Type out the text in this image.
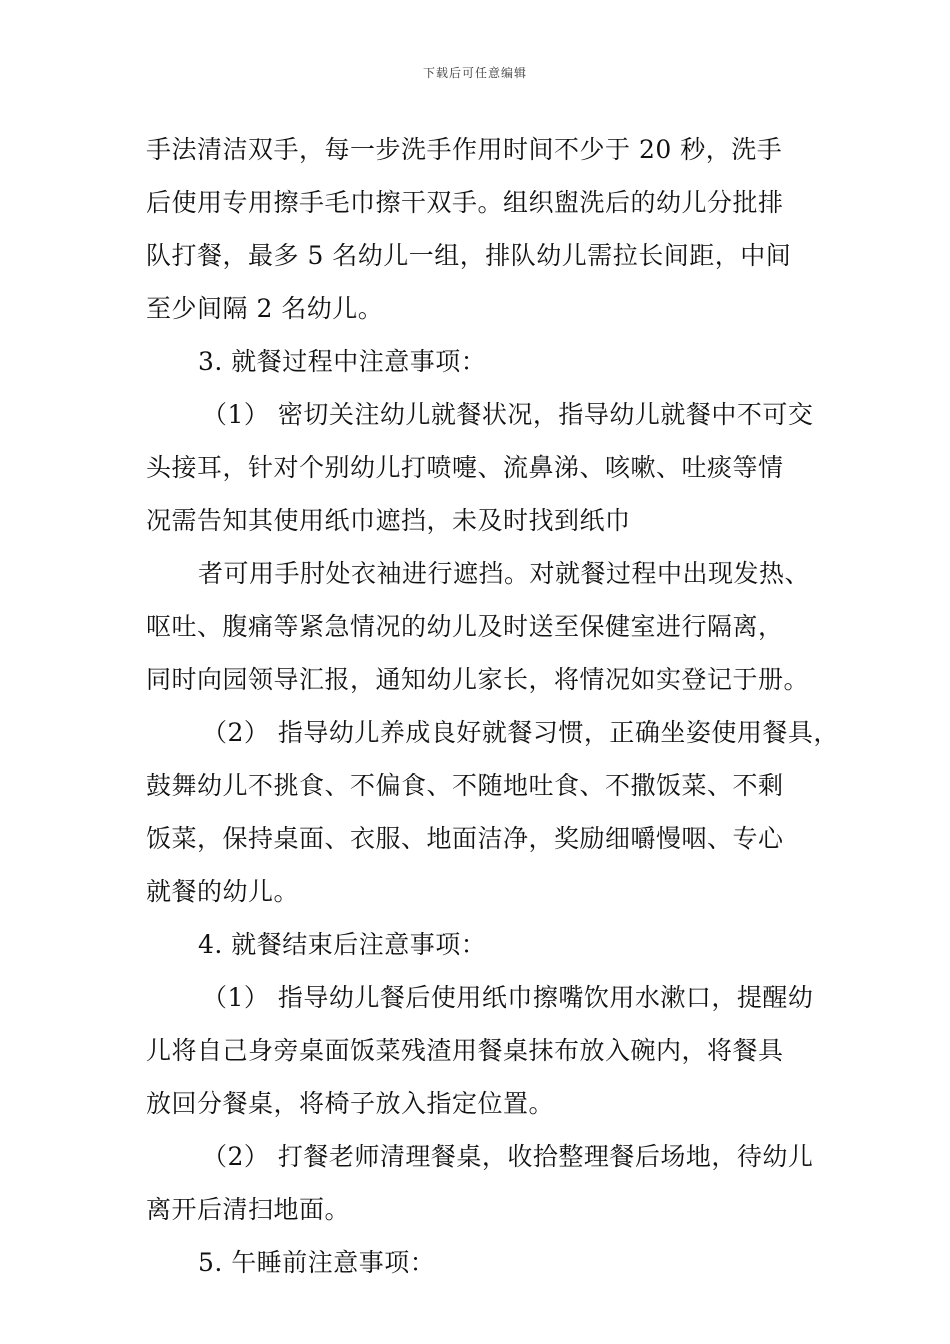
下载后可任意编辑
手法清洁双手，每一步洗手作用时间不少于 20 秒，洗手
后使用专用擦手毛巾擦干双手。组织盥洗后的幼儿分批排
队打餐，最多 5 名幼儿一组，排队幼儿需拉长间距，中间
至少间隔 2 名幼儿。
3. 就餐过程中注意事项：
（1） 密切关注幼儿就餐状况，指导幼儿就餐中不可交
头接耳，针对个别幼儿打喷嚏、流鼻涕、咳嗽、吐痰等情
况需告知其使用纸巾遮挡，未及时找到纸巾
者可用手肘处衣袖进行遮挡。对就餐过程中出现发热、
呕吐、腹痛等紧急情况的幼儿及时送至保健室进行隔离，
同时向园领导汇报，通知幼儿家长，将情况如实登记于册。
（2） 指导幼儿养成良好就餐习惯，正确坐姿使用餐具，
鼓舞幼儿不挑食、不偏食、不随地吐食、不撒饭菜、不剩
饭菜，保持桌面、衣服、地面洁净，奖励细嚼慢咽、专心
就餐的幼儿。
4. 就餐结束后注意事项：
（1） 指导幼儿餐后使用纸巾擦嘴饮用水漱口，提醒幼
儿将自己身旁桌面饭菜残渣用餐桌抹布放入碗内，将餐具
放回分餐桌，将椅子放入指定位置。
（2） 打餐老师清理餐桌，收拾整理餐后场地，待幼儿
离开后清扫地面。
5. 午睡前注意事项：
